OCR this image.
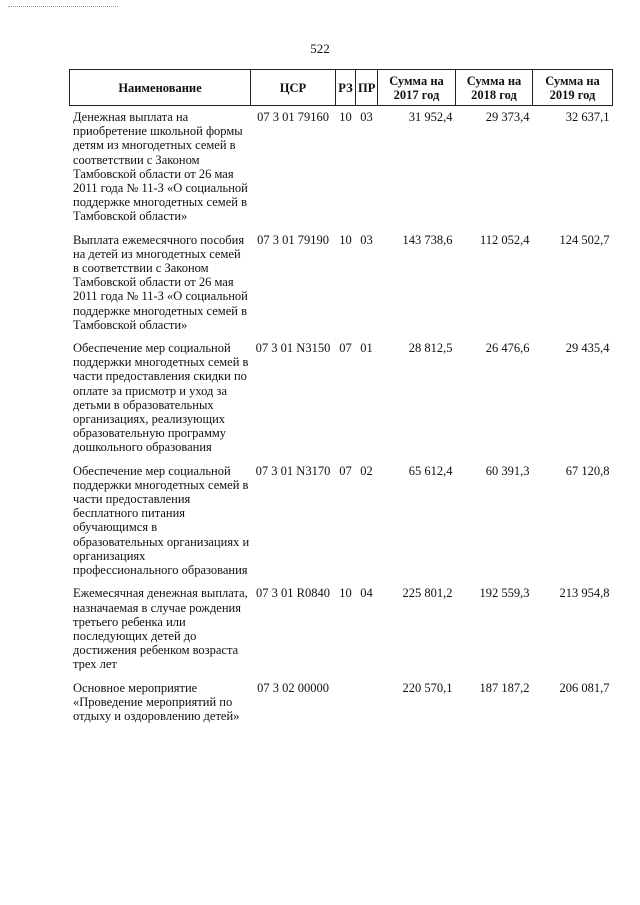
522
Наименование	ЦСР	РЗ	ПР	Сумма на 2017 год	Сумма на 2018 год	Сумма на 2019 год
Денежная выплата на приобретение школьной формы детям из многодетных семей в соответствии с Законом Тамбовской области от 26 мая 2011 года № 11-З «О социальной поддержке многодетных семей в Тамбовской области»	07 3 01 79160	10	03	31 952,4	29 373,4	32 637,1
Выплата ежемесячного пособия на детей из многодетных семей в соответствии с Законом Тамбовской области от 26 мая 2011 года № 11-З «О социальной поддержке многодетных семей в Тамбовской области»	07 3 01 79190	10	03	143 738,6	112 052,4	124 502,7
Обеспечение мер социальной поддержки многодетных семей в части предоставления скидки по оплате за присмотр и уход за детьми в образовательных организациях, реализующих образовательную программу дошкольного образования	07 3 01 N3150	07	01	28 812,5	26 476,6	29 435,4
Обеспечение мер социальной поддержки многодетных семей в части предоставления бесплатного питания обучающимся в образовательных организациях и организациях профессионального образования	07 3 01 N3170	07	02	65 612,4	60 391,3	67 120,8
Ежемесячная денежная выплата, назначаемая в случае рождения третьего ребенка или последующих детей до достижения ребенком возраста трех лет	07 3 01 R0840	10	04	225 801,2	192 559,3	213 954,8
Основное мероприятие «Проведение мероприятий по отдыху и оздоровлению детей»	07 3 02 00000			220 570,1	187 187,2	206 081,7
